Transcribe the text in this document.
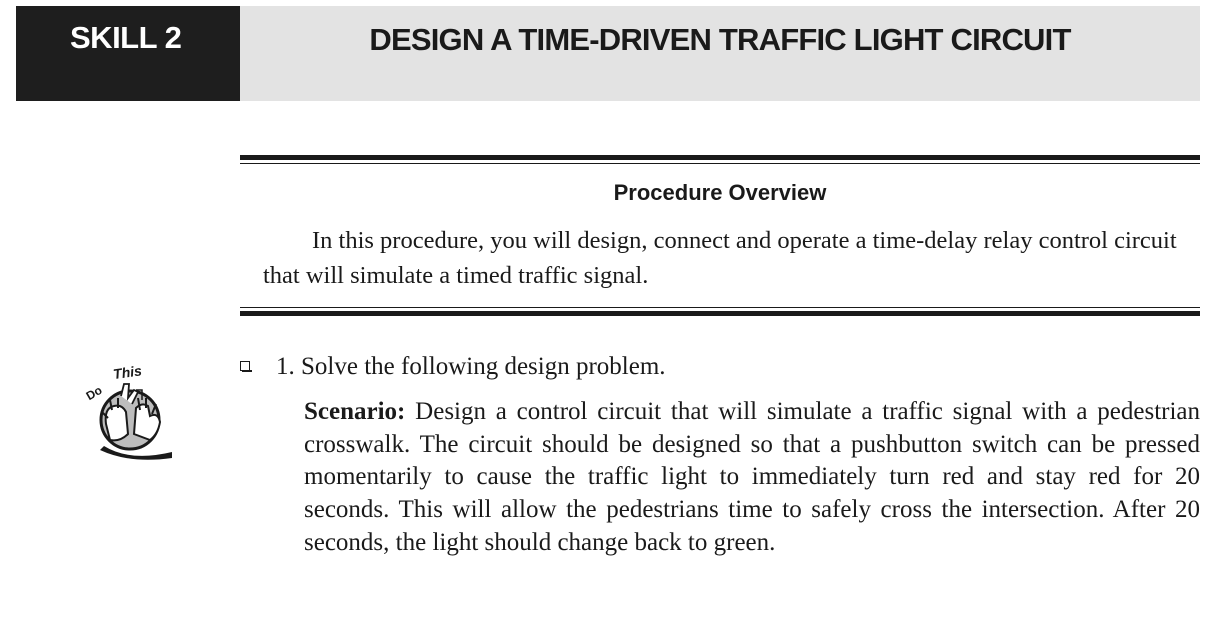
SKILL 2	DESIGN A TIME-DRIVEN TRAFFIC LIGHT CIRCUIT
Procedure Overview
In this procedure, you will design, connect and operate a time-delay relay control circuit that will simulate a timed traffic signal.
Do
This	1. Solve the following design problem.
Scenario: Design a control circuit that will simulate a traffic signal with a pedestrian crosswalk. The circuit should be designed so that a pushbutton switch can be pressed momentarily to cause the traffic light to immediately turn red and stay red for 20 seconds. This will allow the pedestrians time to safely cross the intersection. After 20 seconds, the light should change back to green.
